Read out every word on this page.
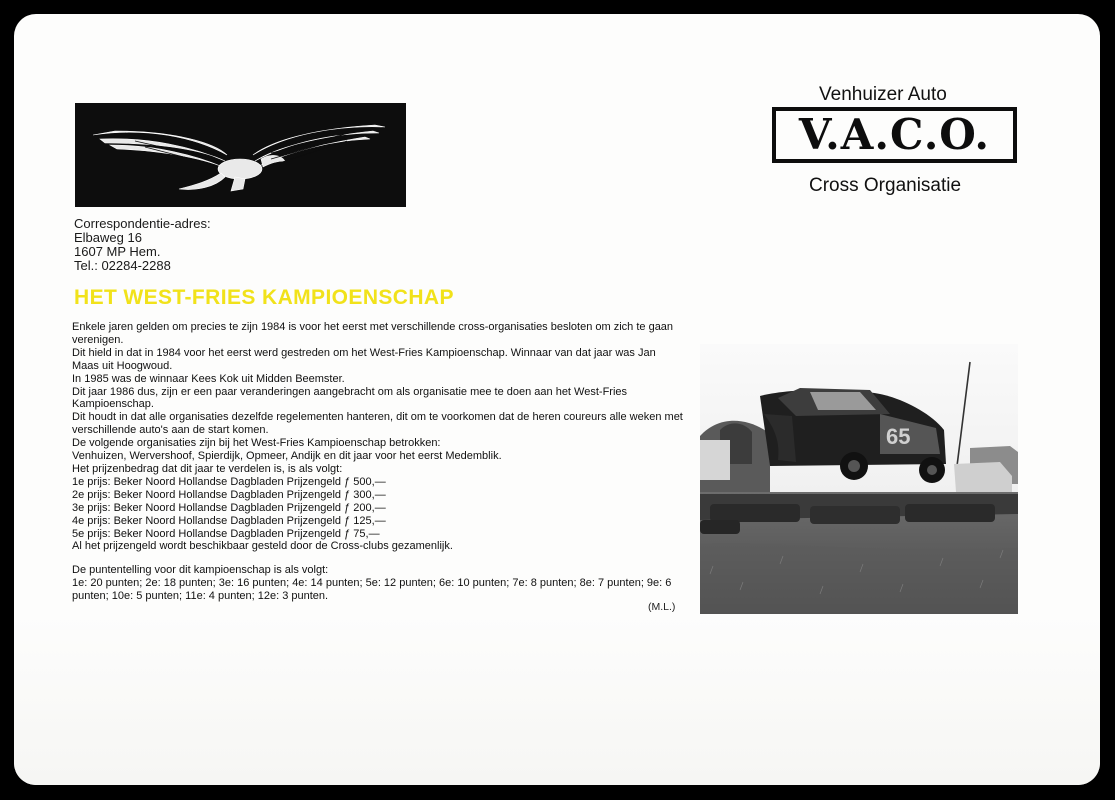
Correspondentie-adres:
Elbaweg 16
1607 MP Hem.
Tel.: 02284-2288
HET WEST-FRIES KAMPIOENSCHAP

Enkele jaren gelden om precies te zijn 1984 is voor het eerst met verschillende cross-organisaties besloten om zich te gaan verenigen.

Dit hield in dat in 1984 voor het eerst werd gestreden om het West-Fries Kampioenschap. Winnaar van dat jaar was Jan Maas uit Hoogwoud.

In 1985 was de winnaar Kees Kok uit Midden Beemster.

Dit jaar 1986 dus, zijn er een paar veranderingen aangebracht om als organisatie mee te doen aan het West-Fries Kampioenschap.

Dit houdt in dat alle organisaties dezelfde regelementen hanteren, dit om te voorkomen dat de heren coureurs alle weken met verschillende auto's aan de start komen.

De volgende organisaties zijn bij het West-Fries Kampioenschap betrokken:

Venhuizen, Wervershoof, Spierdijk, Opmeer, Andijk en dit jaar voor het eerst Medemblik.

Het prijzenbedrag dat dit jaar te verdelen is, is als volgt:

1e prijs: Beker Noord Hollandse Dagbladen Prijzengeld ƒ 500,—
2e prijs: Beker Noord Hollandse Dagbladen Prijzengeld ƒ 300,—
3e prijs: Beker Noord Hollandse Dagbladen Prijzengeld ƒ 200,—
4e prijs: Beker Noord Hollandse Dagbladen Prijzengeld ƒ 125,—
5e prijs: Beker Noord Hollandse Dagbladen Prijzengeld ƒ 75,—

Al het prijzengeld wordt beschikbaar gesteld door de Cross-clubs gezamenlijk.

De puntentelling voor dit kampioenschap is als volgt:

1e: 20 punten; 2e: 18 punten; 3e: 16 punten; 4e: 14 punten; 5e: 12 punten; 6e: 10 punten; 7e: 8 punten; 8e: 7 punten; 9e: 6 punten; 10e: 5 punten; 11e: 4 punten; 12e: 3 punten.

(M.L.)
Venhuizer Auto
V.A.C.O.
Cross Organisatie
65
